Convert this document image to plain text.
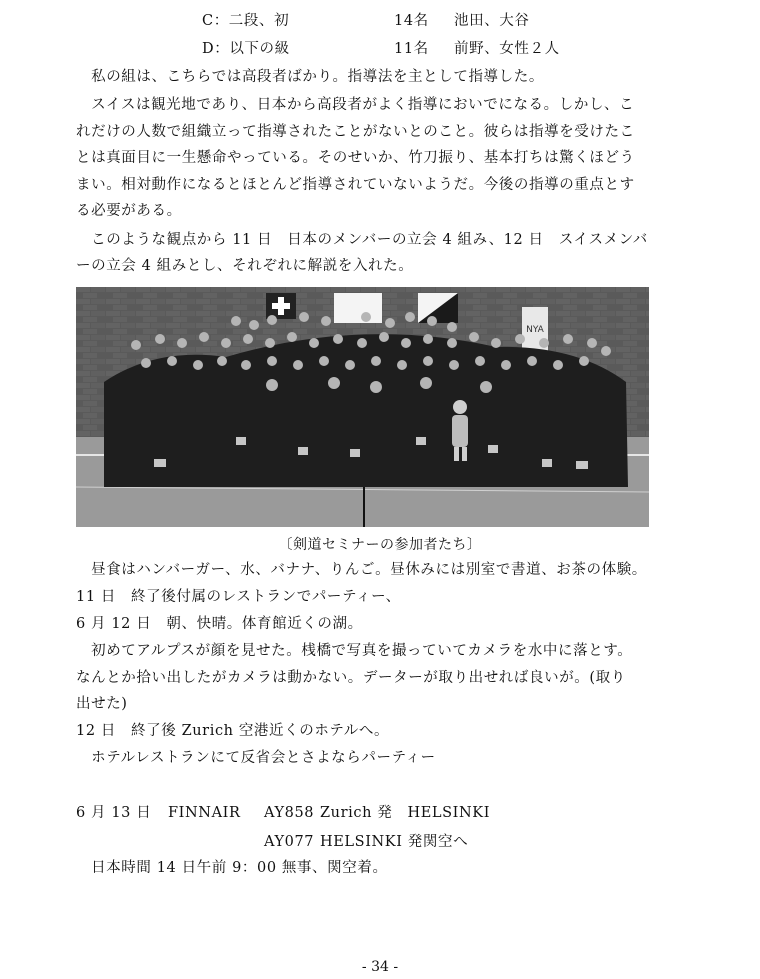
C：二段、初	14名 池田、大谷
D：以下の級	11名 前野、女性２人
　私の組は、こちらでは高段者ばかり。指導法を主として指導した。
　スイスは観光地であり、日本から高段者がよく指導においでになる。しかし、こ
れだけの人数で組織立って指導されたことがないとのこと。彼らは指導を受けたこ
とは真面目に一生懸命やっている。そのせいか、竹刀振り、基本打ちは驚くほどう
まい。相対動作になるとほとんど指導されていないようだ。今後の指導の重点とす
る必要がある。
　このような観点から 11 日　日本のメンバーの立会 4 組み、12 日　スイスメンバ
ーの立会 4 組みとし、それぞれに解説を入れた。
NYA
〔剣道セミナーの参加者たち〕
　昼食はハンバーガー、水、バナナ、りんご。昼休みには別室で書道、お茶の体験。
11 日　終了後付属のレストランでパーティー、
6 月 12 日　朝、快晴。体育館近くの湖。
　初めてアルプスが顔を見せた。桟橋で写真を撮っていてカメラを水中に落とす。
なんとか拾い出したがカメラは動かない。データーが取り出せれば良いが。(取り
出せた)
12 日　終了後 Zurich 空港近くのホテルへ。
　ホテルレストランにて反省会とさよならパーティー
6 月 13 日 FINNAIR AY858 Zurich 発　HELSINKI
AY077 HELSINKI 発関空へ
　日本時間 14 日午前 9：00 無事、関空着。
- 34 -
